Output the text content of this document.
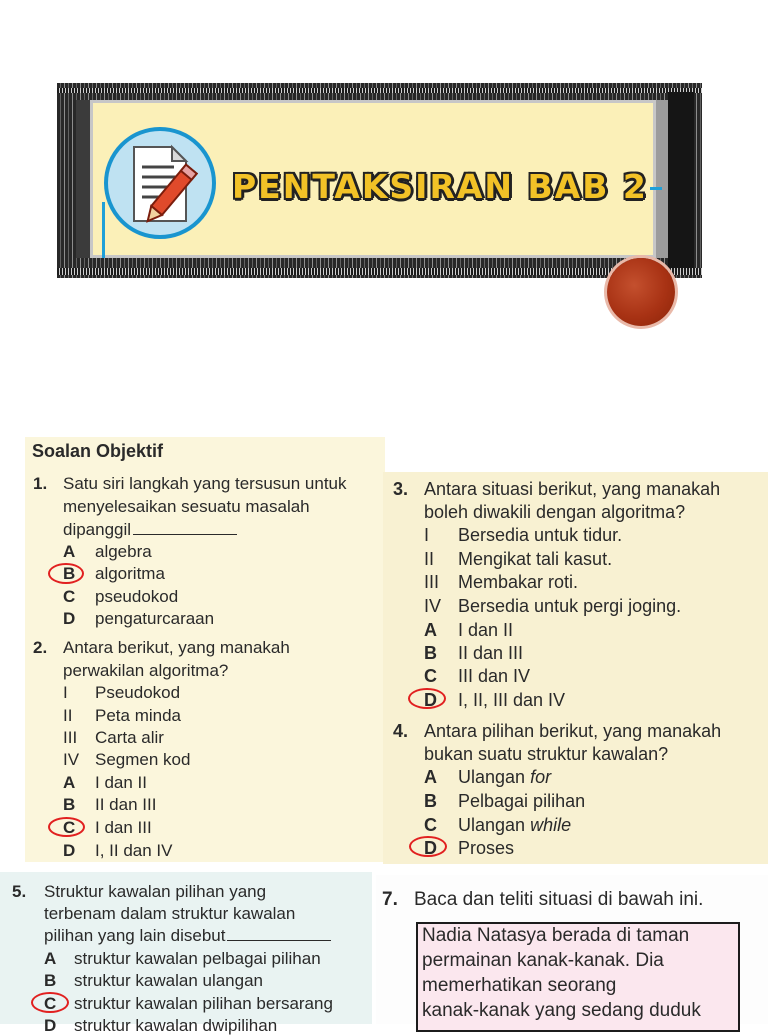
PENTAKSIRAN BAB 2
Soalan Objektif
1. Satu siri langkah yang tersusun untuk
menyelesaikan sesuatu masalah
dipanggil
A algebra
B algoritma
C pseudokod
D pengaturcaraan
2. Antara berikut, yang manakah
perwakilan algoritma?
I Pseudokod
II Peta minda
III Carta alir
IV Segmen kod
A I dan II
B II dan III
C I dan III
D I, II dan IV
3. Antara situasi berikut, yang manakah
boleh diwakili dengan algoritma?
I Bersedia untuk tidur.
II Mengikat tali kasut.
III Membakar roti.
IV Bersedia untuk pergi joging.
A I dan II
B II dan III
C III dan IV
D I, II, III dan IV
4. Antara pilihan berikut, yang manakah
bukan suatu struktur kawalan?
A Ulangan for
B Pelbagai pilihan
C Ulangan while
D Proses
5. Struktur kawalan pilihan yang
terbenam dalam struktur kawalan
pilihan yang lain disebut
A struktur kawalan pelbagai pilihan
B struktur kawalan ulangan
C struktur kawalan pilihan bersarang
D struktur kawalan dwipilihan
7. Baca dan teliti situasi di bawah ini.
Nadia Natasya berada di taman
permainan kanak-kanak. Dia
memerhatikan seorang
kanak-kanak yang sedang duduk
